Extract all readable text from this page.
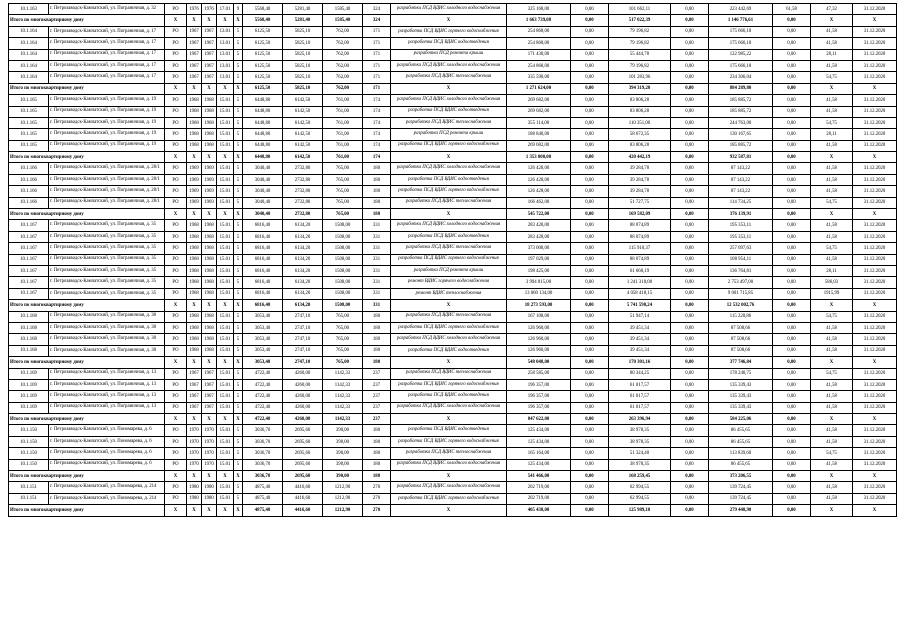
10.1.163	г. Петрозаводск-Камчатский, ул. Пограничная, д. 32	РО	1976	1976	17.01	9	5568,40	5281,40	1585,40	324	разработка ПСД ВДИС холодного водоснабжения	325 168,00	0,00	101 662,11	0,00	223 442,69	61,58	47,32	31.12.2020
Итого по многоквартирному дому		Х	Х	Х	Х	Х	5568,40	5281,40	1585,40	324	Х	1 663 739,08	0,00	517 022,39	0,00	1 146 776,61	0,00	Х	Х
10.1.164	г. Петрозаводск-Камчатский, ул. Пограничная, д. 17	РО	1967	1967	13.01	5	6125,50	5825,10	762,00	171	разработка ПСД ВДИС горячего водоснабжения	254 868,00	0,00	79 196,82	0,00	175 666,18	0,00	41,58	31.12.2020
10.1.164	г. Петрозаводск-Камчатский, ул. Пограничная, д. 17	РО	1967	1967	13.01	5	6125,50	5825,10	762,00	171	разработка ПСД ВДИС водоотведения	254 868,00	0,00	79 196,82	0,00	175 666,18	0,00	41,58	31.12.2020
10.1.164	г. Петрозаводск-Камчатский, ул. Пограничная, д. 17	РО	1967	1967	13.01	5	6125,50	5825,10	762,00	171	разработка ПСД ремонта крыши	171 430,00	0,00	55 444,78	0,00	122 985,22	0,00	28,11	31.12.2020
10.1.164	г. Петрозаводск-Камчатский, ул. Пограничная, д. 17	РО	1967	1967	13.01	5	6125,50	5825,10	762,00	171	разработка ПСД ВДИС холодного водоснабжения	254 868,00	0,00	79 196,82	0,00	175 666,18	0,00	41,58	31.12.2020
10.1.164	г. Петрозаводск-Камчатский, ул. Пограничная, д. 17	РО	1967	1967	13.01	5	6125,50	5825,10	762,00	171	разработка ПСД ВДИС теплоснабжения	335 590,00	0,00	101 283,96	0,00	234 306,04	0,00	54,75	31.12.2020
Итого по многоквартирному дому		Х	Х	Х	Х	Х	6125,50	5825,10	762,00	171	Х	1 271 624,00	0,00	394 319,20	0,00	884 289,80	0,00	Х	Х
10.1.165	г. Петрозаводск-Камчатский, ул. Пограничная, д. 19	РО	1968	1968	15.01	5	6448,80	6142,50	761,00	174	разработка ПСД ВДИС холодного водоснабжения	269 682,00	0,00	83 806,28	0,00	185 885,72	0,00	41,58	31.12.2020
10.1.165	г. Петрозаводск-Камчатский, ул. Пограничная, д. 19	РО	1968	1968	15.01	5	6448,80	6142,50	761,00	174	разработка ПСД ВДИС водоотведения	269 682,00	0,00	83 806,28	0,00	185 885,72	0,00	41,58	31.12.2020
10.1.165	г. Петрозаводск-Камчатский, ул. Пограничная, д. 19	РО	1968	1968	15.01	5	6448,80	6142,50	761,00	174	разработка ПСД ВДИС теплоснабжения	355 114,00	0,00	110 351,00	0,00	244 763,00	0,00	54,75	31.12.2020
10.1.165	г. Петрозаводск-Камчатский, ул. Пограничная, д. 19	РО	1968	1968	15.01	5	6448,80	6142,50	761,00	174	разработка ПСД ремонта крыши	188 840,00	0,00	58 672,35	0,00	130 167,65	0,00	28,11	31.12.2020
10.1.165	г. Петрозаводск-Камчатский, ул. Пограничная, д. 19	РО	1968	1968	15.01	5	6448,80	6142,50	761,00	174	разработка ПСД ВДИС горячего водоснабжения	269 682,00	0,00	83 806,28	0,00	185 885,72	0,00	41,58	31.12.2020
Итого по многоквартирному дому		Х	Х	Х	Х	Х	6448,80	6142,50	761,00	174	Х	1 353 000,00	0,00	420 442,19	0,00	932 587,81	0,00	Х	Х
10.1.166	г. Петрозаводск-Камчатский, ул. Пограничная, д. 28/1	РО	1969	1969	15.01	5	3040,40	2732,80	765,00	180	разработка ПСД ВДИС холодного водоснабжения	126 428,00	0,00	39 284,78	0,00	87 143,22	0,00	41,58	31.12.2020
10.1.166	г. Петрозаводск-Камчатский, ул. Пограничная, д. 28/1	РО	1969	1969	15.01	5	3040,40	2732,80	765,00	180	разработка ПСД ВДИС водоотведения	126 428,00	0,00	39 284,78	0,00	87 143,22	0,00	41,58	31.12.2020
10.1.166	г. Петрозаводск-Камчатский, ул. Пограничная, д. 28/1	РО	1969	1969	15.01	5	3040,40	2732,80	765,00	180	разработка ПСД ВДИС горячего водоснабжения	126 428,00	0,00	39 284,78	0,00	87 143,22	0,00	41,58	31.12.2020
10.1.166	г. Петрозаводск-Камчатский, ул. Пограничная, д. 28/1	РО	1969	1969	15.01	5	3040,40	2732,80	765,00	180	разработка ПСД ВДИС теплоснабжения	166 462,00	0,00	51 727,75	0,00	114 734,25	0,00	54,75	31.12.2020
Итого по многоквартирному дому		Х	Х	Х	Х	Х	3040,40	2732,80	765,00	180	Х	545 722,00	0,00	169 582,09	0,00	376 139,91	0,00	Х	Х
10.1.167	г. Петрозаводск-Камчатский, ул. Пограничная, д. 35	РО	1968	1968	15.01	5	6816,40	6134,20	1508,00	331	разработка ПСД ВДИС холодного водоснабжения	283 428,00	0,00	88 074,89	0,00	195 353,11	0,00	41,58	31.12.2020
10.1.167	г. Петрозаводск-Камчатский, ул. Пограничная, д. 35	РО	1968	1968	15.01	5	6816,40	6134,20	1508,00	331	разработка ПСД ВДИС водоотведения	283 428,00	0,00	88 074,89	0,00	195 353,11	0,00	41,58	31.12.2020
10.1.167	г. Петрозаводск-Камчатский, ул. Пограничная, д. 35	РО	1968	1968	15.01	5	6816,40	6134,20	1508,00	331	разработка ПСД ВДИС теплоснабжения	373 008,00	0,00	115 910,37	0,00	257 097,63	0,00	54,75	31.12.2020
10.1.167	г. Петрозаводск-Камчатский, ул. Пограничная, д. 35	РО	1968	1968	15.01	5	6816,40	6134,20	1508,00	331	разработка ПСД ВДИС горячего водоснабжения	197 029,00	0,00	88 074,89	0,00	108 954,11	0,00	41,58	31.12.2020
10.1.167	г. Петрозаводск-Камчатский, ул. Пограничная, д. 35	РО	1968	1968	15.01	5	6816,40	6134,20	1508,00	331	разработка ПСД ремонта крыши	198 425,00	0,00	61 660,19	0,00	136 764,81	0,00	28,11	31.12.2020
10.1.167	г. Петрозаводск-Камчатский, ул. Пограничная, д. 35	РО	1968	1968	15.01	5	6816,40	6134,20	1508,00	331	ремонт ВДИС горячего водоснабжения	3 994 815,00	0,00	1 241 318,00	0,00	2 753 497,00	0,00	586,03	31.12.2020
10.1.167	г. Петрозаводск-Камчатский, ул. Пограничная, д. 35	РО	1968	1968	15.01	5	6816,40	6134,20	1508,00	331	ремонт ВДИС теплоснабжения	13 060 134,00	0,00	4 058 418,15	0,00	9 001 715,85	0,00	1915,99	31.12.2020
Итого по многоквартирному дому		Х	Х	Х	Х	Х	6816,40	6134,20	1508,00	331	Х	18 273 593,00	0,00	5 741 590,24	0,00	12 532 002,76	0,00	Х	Х
10.1.168	г. Петрозаводск-Камчатский, ул. Пограничная, д. 38	РО	1968	1968	15.01	5	3053,40	2747,10	765,00	180	разработка ПСД ВДИС теплоснабжения	167 108,00	0,00	51 947,14	0,00	115 220,86	0,00	54,75	31.12.2020
10.1.168	г. Петрозаводск-Камчатский, ул. Пограничная, д. 38	РО	1968	1968	15.01	5	3053,40	2747,10	765,00	180	разработка ПСД ВДИС горячего водоснабжения	126 960,00	0,00	39 451,34	0,00	87 508,66	0,00	41,58	31.12.2020
10.1.168	г. Петрозаводск-Камчатский, ул. Пограничная, д. 38	РО	1968	1968	15.01	5	3053,40	2747,10	765,00	180	разработка ПСД ВДИС холодного водоснабжения	126 960,00	0,00	39 451,34	0,00	87 508,66	0,00	41,58	31.12.2020
10.1.168	г. Петрозаводск-Камчатский, ул. Пограничная, д. 38	РО	1968	1968	15.01	5	3053,40	2747,10	765,00	180	разработка ПСД ВДИС водоотведения	126 960,00	0,00	39 451,34	0,00	87 508,66	0,00	41,58	31.12.2020
Итого по многоквартирному дому		Х	Х	Х	Х	Х	3053,40	2747,10	765,00	180	Х	548 048,00	0,00	170 301,16	0,00	377 746,84	0,00	Х	Х
10.1.169	г. Петрозаводск-Камчатский, ул. Пограничная, д. 13	РО	1967	1967	15.01	5	4722,40	4260,00	1142,33	237	разработка ПСД ВДИС теплоснабжения	258 585,00	0,00	80 344,25	0,00	178 240,75	0,00	54,75	31.12.2020
10.1.169	г. Петрозаводск-Камчатский, ул. Пограничная, д. 13	РО	1967	1967	15.01	5	4722,40	4260,00	1142,33	237	разработка ПСД ВДИС горячего водоснабжения	196 357,00	0,00	61 017,57	0,00	135 339,43	0,00	41,58	31.12.2020
10.1.169	г. Петрозаводск-Камчатский, ул. Пограничная, д. 13	РО	1967	1967	15.01	5	4722,40	4260,00	1142,33	237	разработка ПСД ВДИС водоотведения	196 357,00	0,00	61 017,57	0,00	135 339,43	0,00	41,58	31.12.2020
10.1.169	г. Петрозаводск-Камчатский, ул. Пограничная, д. 13	РО	1967	1967	15.01	5	4722,40	4260,00	1142,33	237	разработка ПСД ВДИС холодного водоснабжения	196 357,00	0,00	61 017,57	0,00	135 339,43	0,00	41,58	31.12.2020
Итого по многоквартирному дому		Х	Х	Х	Х	Х	4722,40	4260,00	1142,33	237	Х	847 622,00	0,00	263 396,94	0,00	584 225,06	0,00	Х	Х
10.1.150	г. Петрозаводск-Камчатский, ул. Пономарева, д. 6	РО	1970	1970	15.01	5	3036,70	2695,60	390,00	180	разработка ПСД ВДИС водоотведения	125 434,00	0,00	38 978,35	0,00	86 455,65	0,00	41,58	31.12.2020
10.1.150	г. Петрозаводск-Камчатский, ул. Пономарева, д. 6	РО	1970	1970	15.01	5	3036,70	2695,60	390,00	180	разработка ПСД ВДИС горячего водоснабжения	125 434,00	0,00	38 978,35	0,00	86 455,65	0,00	41,58	31.12.2020
10.1.150	г. Петрозаводск-Камчатский, ул. Пономарева, д. 6	РО	1970	1970	15.01	5	3036,70	2695,60	390,00	180	разработка ПСД ВДИС теплоснабжения	165 164,00	0,00	51 324,40	0,00	113 839,60	0,00	54,75	31.12.2020
10.1.150	г. Петрозаводск-Камчатский, ул. Пономарева, д. 6	РО	1970	1970	15.01	5	3036,70	2695,60	390,00	180	разработка ПСД ВДИС холодного водоснабжения	125 434,00	0,00	38 978,35	0,00	86 455,65	0,00	41,58	31.12.2020
Итого по многоквартирному дому		Х	Х	Х	Х	Х	3036,70	2695,60	390,00	180	Х	541 466,00	0,00	168 259,45	0,00	373 206,55	0,00	Х	Х
10.1.151	г. Петрозаводск-Камчатский, ул. Пономарева, д. 214	РО	1980	1980	15.01	5	4875,40	4416,60	1212,90	270	разработка ПСД ВДИС холодного водоснабжения	202 719,00	0,00	62 994,55	0,00	139 724,45	0,00	41,58	31.12.2020
10.1.151	г. Петрозаводск-Камчатский, ул. Пономарева, д. 214	РО	1980	1980	15.01	5	4875,40	4416,60	1212,90	270	разработка ПСД ВДИС горячего водоснабжения	202 719,00	0,00	62 994,55	0,00	139 724,45	0,00	41,58	31.12.2020
Итого по многоквартирному дому		Х	Х	Х	Х	Х	4875,40	4416,60	1212,90	270	Х	405 438,00	0,00	125 989,10	0,00	279 448,90	0,00	Х	Х
